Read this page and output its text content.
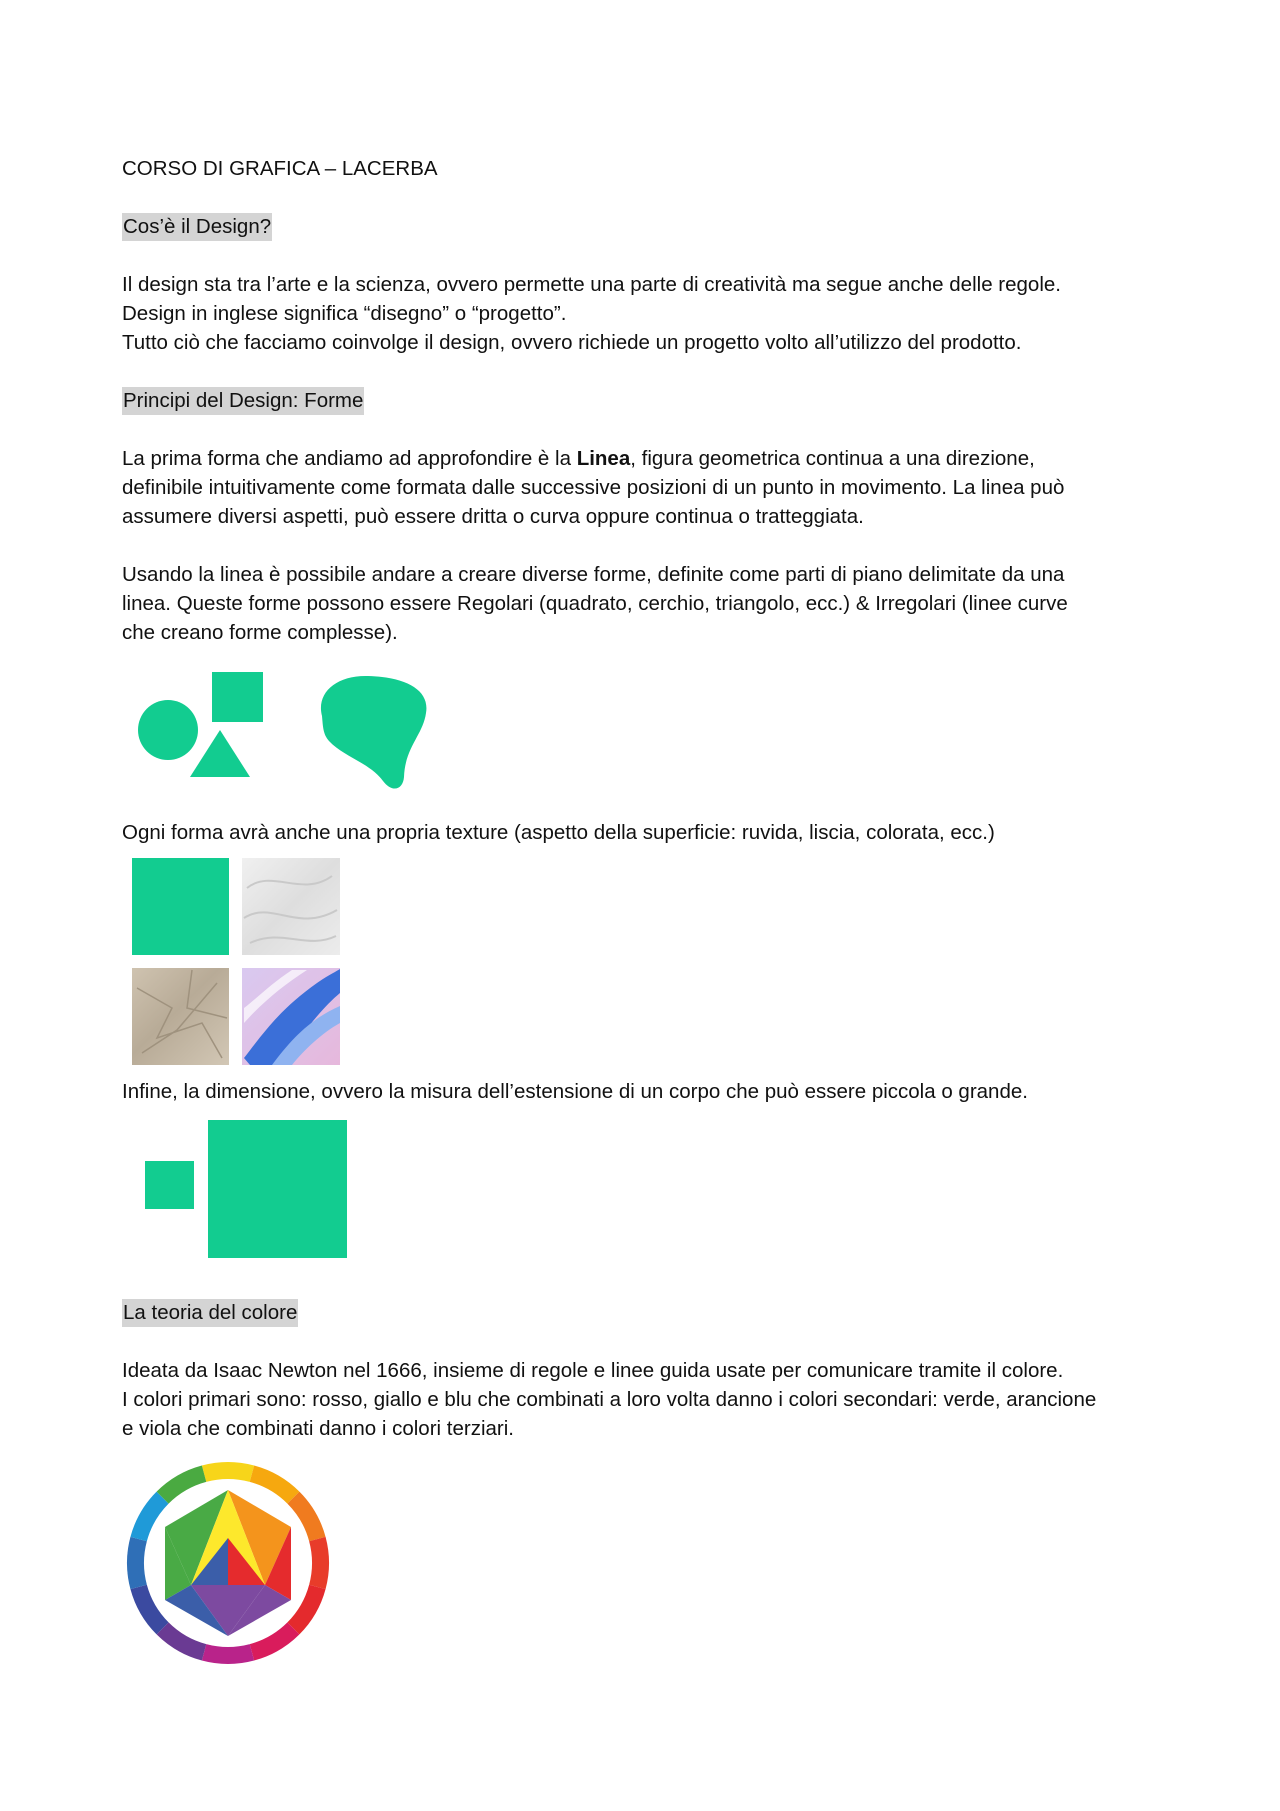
CORSO DI GRAFICA – LACERBA

Cos’è il Design?

Il design sta tra l’arte e la scienza, ovvero permette una parte di creatività ma segue anche delle regole.

Design in inglese significa “disegno” o “progetto”.

Tutto ciò che facciamo coinvolge il design, ovvero richiede un progetto volto all’utilizzo del prodotto.

Principi del Design: Forme

La prima forma che andiamo ad approfondire è la Linea, figura geometrica continua a una direzione,

definibile intuitivamente come formata dalle successive posizioni di un punto in movimento. La linea può

assumere diversi aspetti, può essere dritta o curva oppure continua o tratteggiata.

Usando la linea è possibile andare a creare diverse forme, definite come parti di piano delimitate da una

linea. Queste forme possono essere Regolari (quadrato, cerchio, triangolo, ecc.) & Irregolari (linee curve

che creano forme complesse).

Ogni forma avrà anche una propria texture (aspetto della superficie: ruvida, liscia, colorata, ecc.)

Infine, la dimensione, ovvero la misura dell’estensione di un corpo che può essere piccola o grande.

La teoria del colore

Ideata da Isaac Newton nel 1666, insieme di regole e linee guida usate per comunicare tramite il colore.

I colori primari sono: rosso, giallo e blu che combinati a loro volta danno i colori secondari: verde, arancione

e viola che combinati danno i colori terziari.
